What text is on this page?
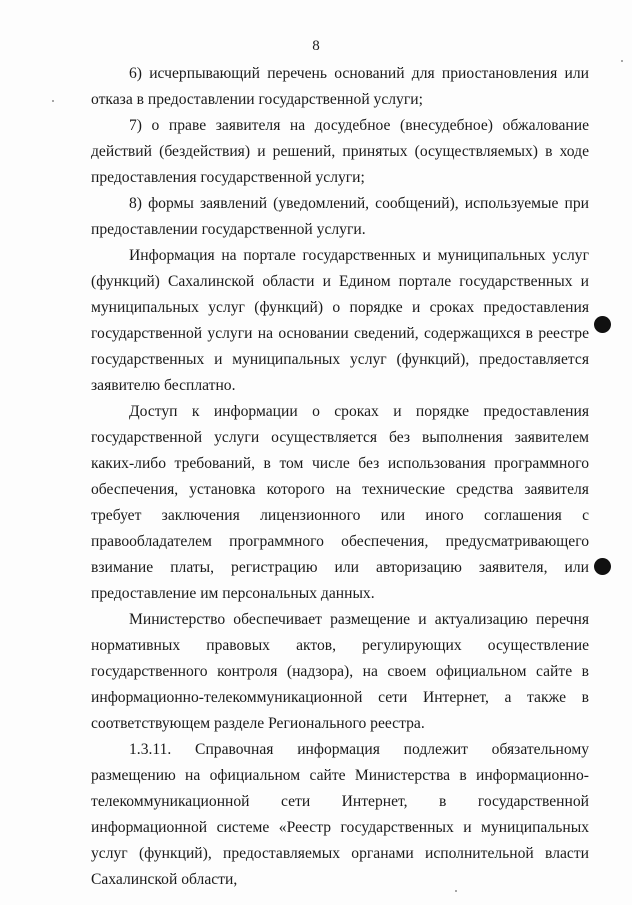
8

6) исчерпывающий перечень оснований для приостановления или отказа в предоставлении государственной услуги;

7) о праве заявителя на досудебное (внесудебное) обжалование действий (бездействия) и решений, принятых (осуществляемых) в ходе предоставления государственной услуги;

8) формы заявлений (уведомлений, сообщений), используемые при предоставлении государственной услуги.

Информация на портале государственных и муниципальных услуг (функций) Сахалинской области и Едином портале государственных и муниципальных услуг (функций) о порядке и сроках предоставления государственной услуги на основании сведений, содержащихся в реестре государственных и муниципальных услуг (функций), предоставляется заявителю бесплатно.

Доступ к информации о сроках и порядке предоставления государственной услуги осуществляется без выполнения заявителем каких-либо требований, в том числе без использования программного обеспечения, установка которого на технические средства заявителя требует заключения лицензионного или иного соглашения с правообладателем программного обеспечения, предусматривающего взимание платы, регистрацию или авторизацию заявителя, или предоставление им персональных данных.

Министерство обеспечивает размещение и актуализацию перечня нормативных правовых актов, регулирующих осуществление государственного контроля (надзора), на своем официальном сайте в информационно-телекоммуникационной сети Интернет, а также в соответствующем разделе Регионального реестра.

1.3.11. Справочная информация подлежит обязательному размещению на официальном сайте Министерства в информационно-телекоммуникационной сети Интернет, в государственной информационной системе «Реестр государственных и муниципальных услуг (функций), предоставляемых органами исполнительной власти Сахалинской области,
